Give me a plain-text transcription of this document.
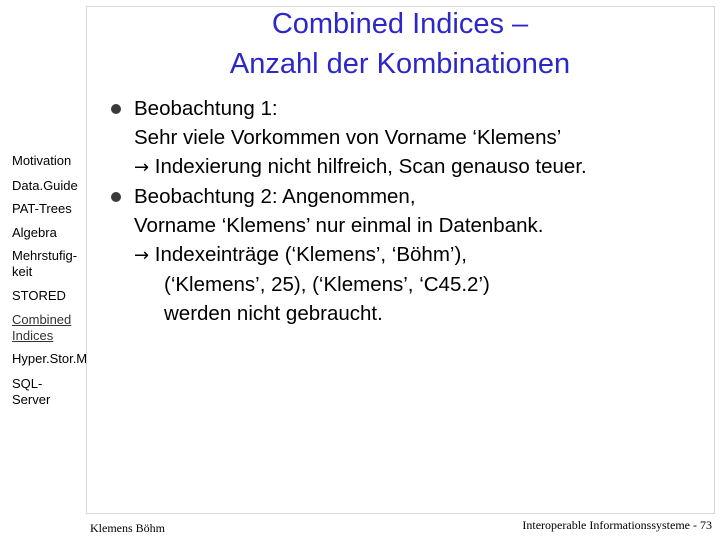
Combined Indices –
Anzahl der Kombinationen
Motivation
Data.Guide
PAT-Trees
Algebra
Mehrstufig-
keit
STORED
Combined
Indices
Hyper.Stor.M
SQL-
Server
Beobachtung 1:
Sehr viele Vorkommen von Vorname ‘Klemens’
→ Indexierung nicht hilfreich, Scan genauso teuer.
Beobachtung 2: Angenommen,
Vorname ‘Klemens’ nur einmal in Datenbank.
→ Indexeinträge (‘Klemens’, ‘Böhm’),
(‘Klemens’, 25), (‘Klemens’, ‘C45.2’)
werden nicht gebraucht.
Klemens Böhm	Interoperable Informationssysteme - 73
